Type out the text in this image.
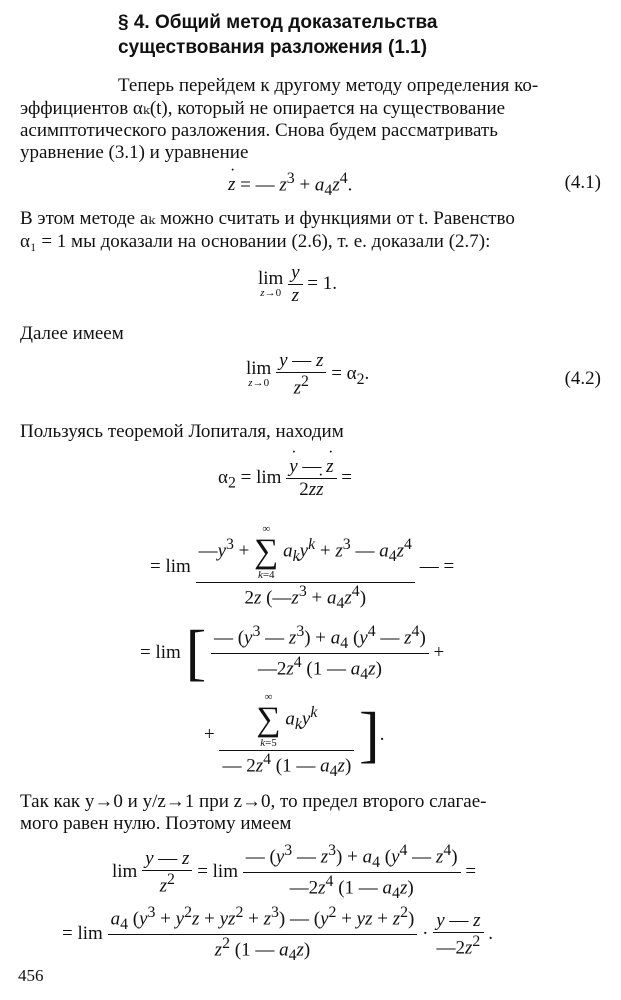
§ 4. Общий метод доказательства
существования разложения (1.1)
Теперь перейдем к другому методу определения ко-
эффициентов αₖ(t), который не опирается на существование
асимптотического разложения. Снова будем рассматривать
уравнение (3.1) и уравнение
· z = — $z^3 + a_4z^4$.	(4.1)
В этом методе aₖ можно считать и функциями от t. Равенство
α₁ = 1 мы доказали на основании (2.6), т. е. доказали (2.7):
lim
z→0
$\frac{y}{z} = 1$.
Далее имеем
lim
z→0
$\frac{y — z}{z^2} = \alpha_2$.	(4.2)
Пользуясь теоремой Лопиталя, находим
$\alpha_2 = \lim$
· $\frac{y — \cdot z}{2z\cdot z}$ =
= $\lim —y^3$ +
∞
∑
k=4
$a_ky^k + z^3$ — $a_4z^4$
2z $(—z^3 + a_4z^4)$ — =
= lim [ $\frac{— (y^3 — z^3) + a_4 (y^4 — z^4)}{—2z^4 (1 — a_4z)}$ +
+ ∞
∑
k=5
$a_ky^k$
— $2z^4$ (1 — $a_4z$) ].
Так как y→0 и y/z→1 при z→0, то предел второго слагае-
мого равен нулю. Поэтому имеем
$\lim \frac{y — z}{z^2} = \lim \frac{— (y^3 — z^3) + a_4 (y^4 — z^4)}{—2z^4 (1 — a_4z)}$ =
= $\lim \frac{a_4 (y^3 + y^2z + yz^2 + z^3) — (y^2 + yz + z^2)}{z^2 (1 — a_4z)} \cdot \frac{y — z}{—2z^2}$ .
456
